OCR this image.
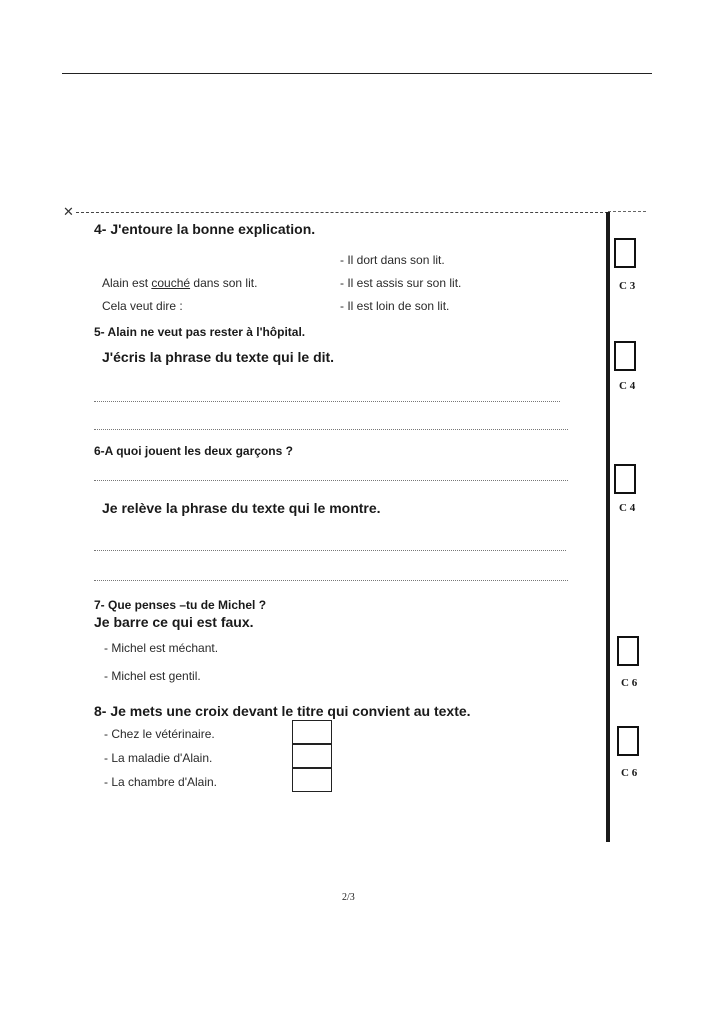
✕
4- J'entoure la bonne explication.
- Il dort dans son lit.
Alain est couché dans son lit.	- Il est assis sur son lit.
Cela veut dire :	- Il est loin de son lit.
5- Alain ne veut pas rester à l'hôpital.
J'écris la phrase du texte qui le dit.
6-A quoi jouent les deux garçons ?
Je relève la phrase du texte qui le montre.
7- Que penses –tu de Michel ?
Je barre ce qui est faux.
- Michel est méchant.
- Michel est gentil.
8- Je mets une croix devant le titre qui convient au texte.
- Chez le vétérinaire.
- La maladie d'Alain.
- La chambre d'Alain.
C 3
C 4
C 4
C 6
C 6
2/3
